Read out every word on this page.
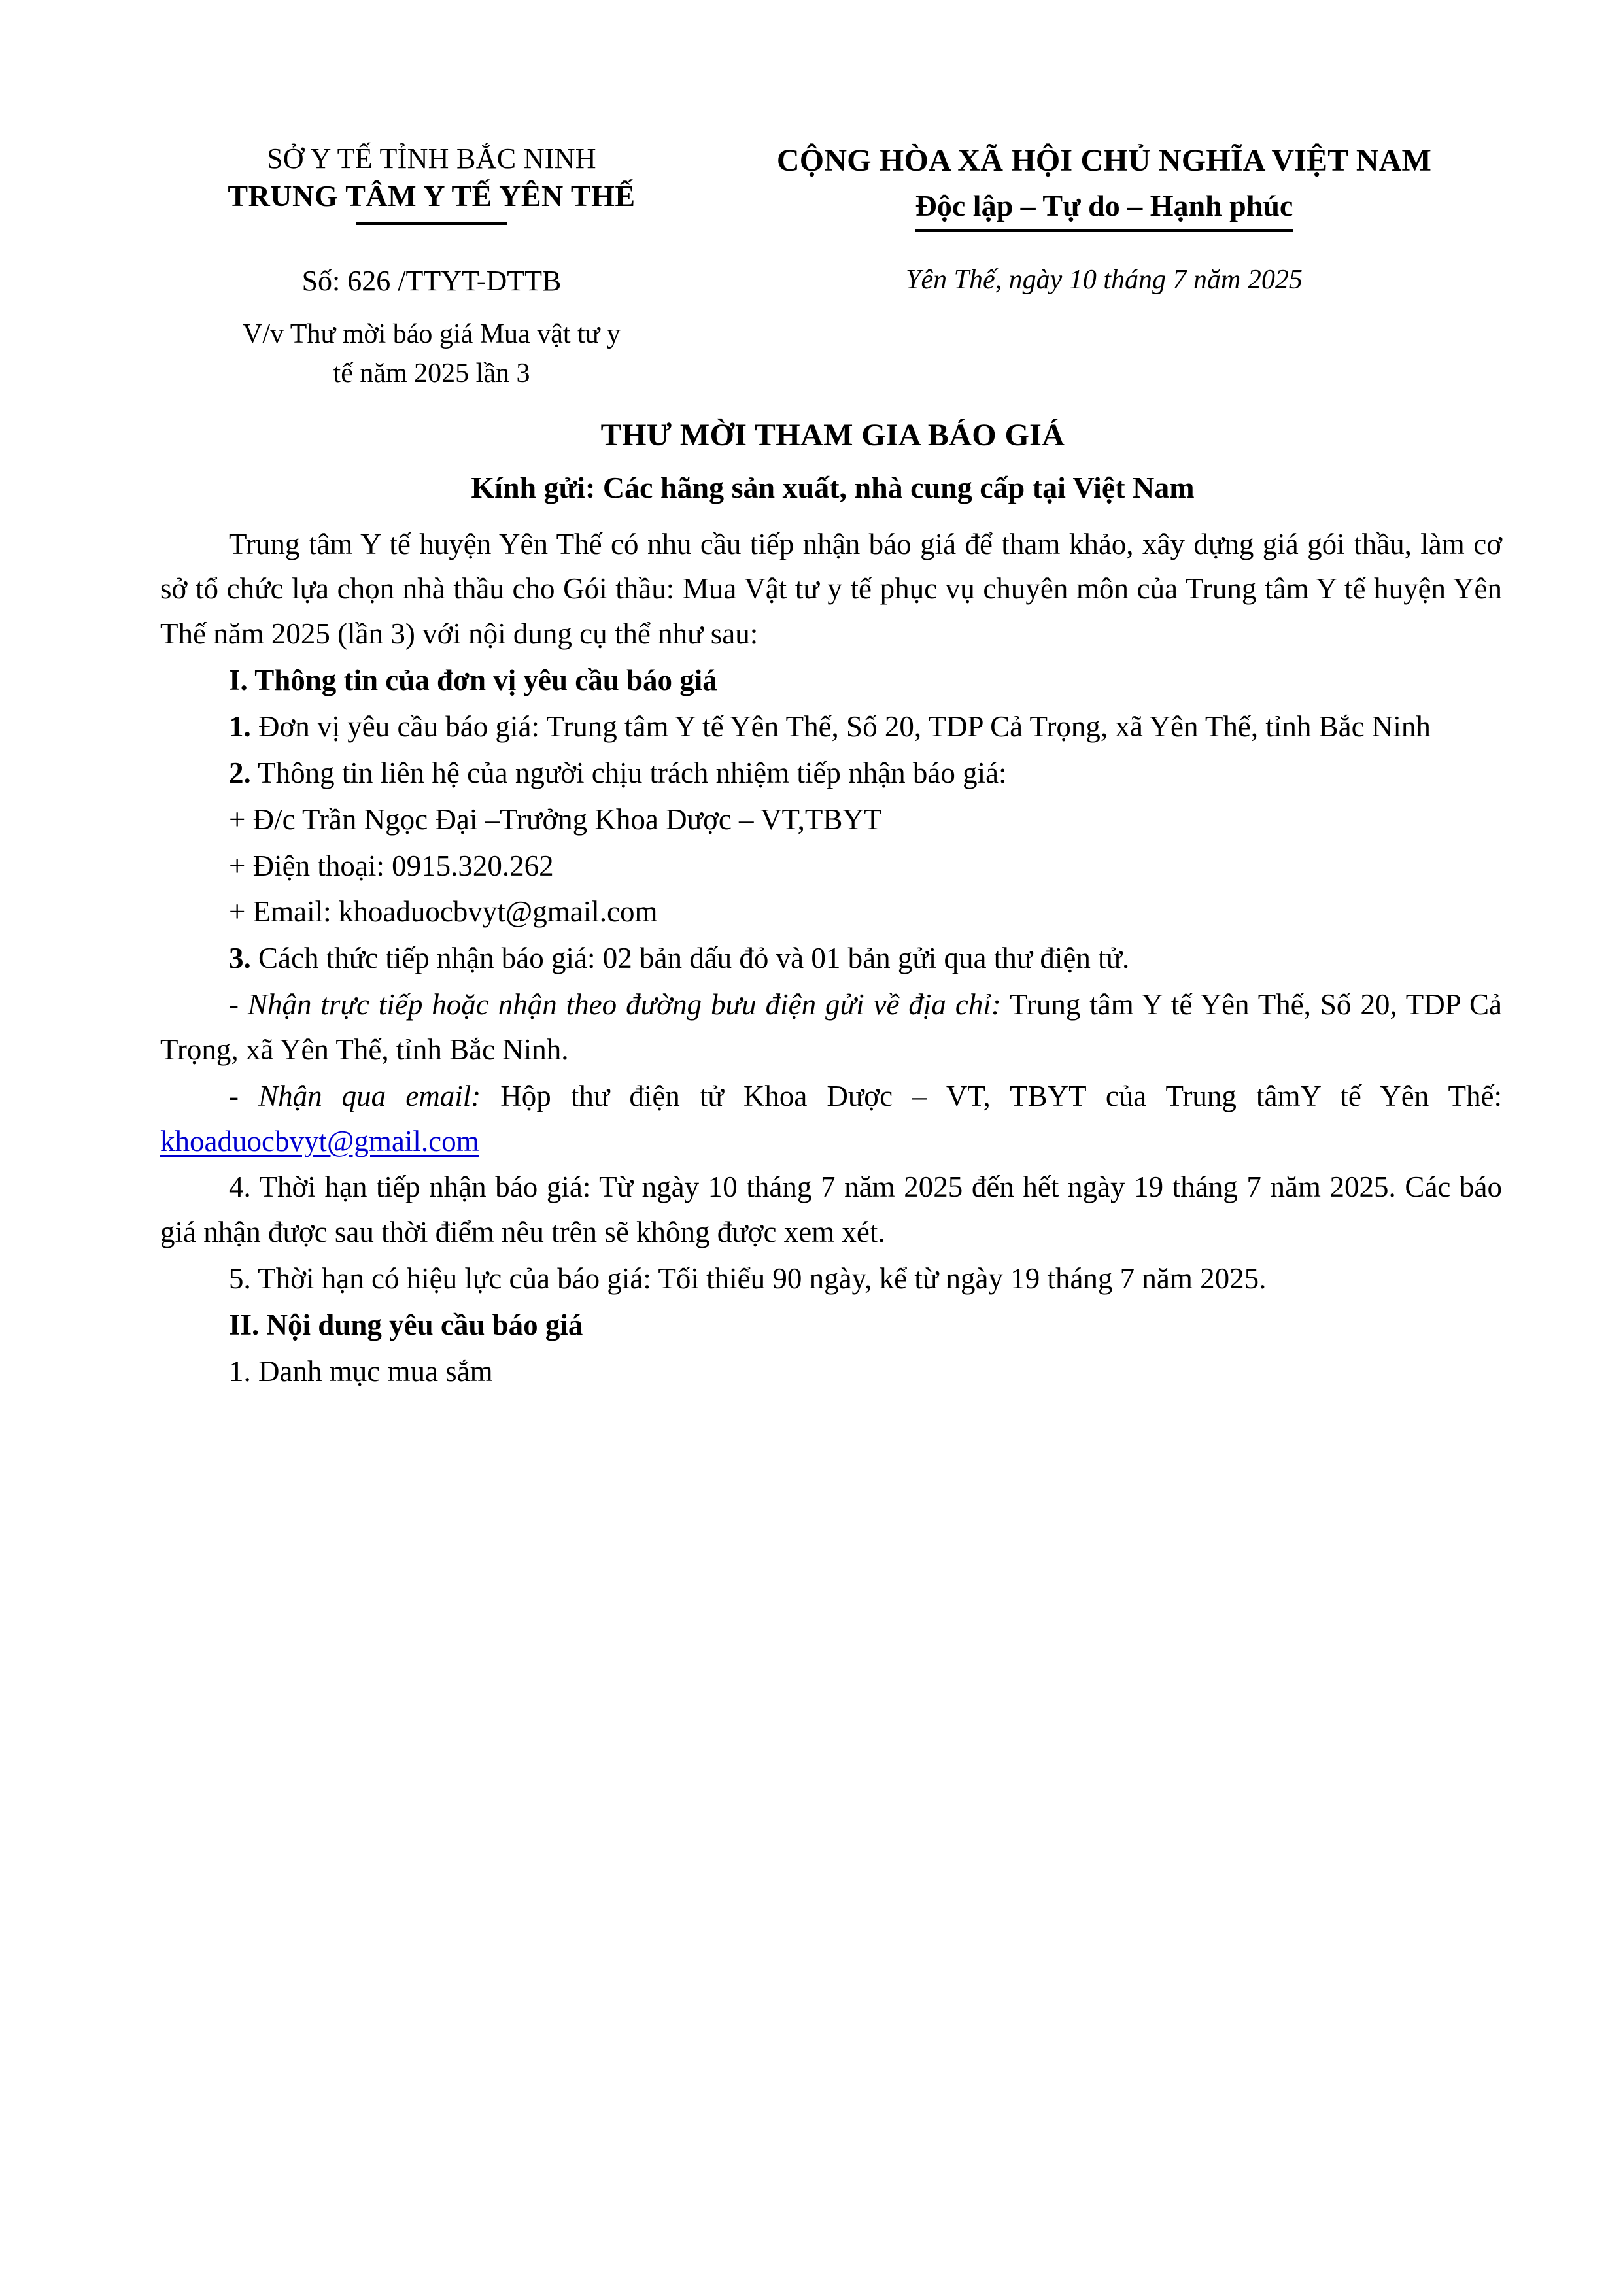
SỞ Y TẾ TỈNH BẮC NINH
TRUNG TÂM Y TẾ YÊN THẾ
CỘNG HÒA XÃ HỘI CHỦ NGHĨA VIỆT NAM
Độc lập – Tự do – Hạnh phúc
Số: 626 /TTYT-DTTB	Yên Thế, ngày 10 tháng 7 năm 2025
V/v Thư mời báo giá Mua vật tư y
tế năm 2025 lần 3
THƯ MỜI THAM GIA BÁO GIÁ
Kính gửi: Các hãng sản xuất, nhà cung cấp tại Việt Nam

Trung tâm Y tế huyện Yên Thế có nhu cầu tiếp nhận báo giá để tham khảo, xây dựng giá gói thầu, làm cơ sở tổ chức lựa chọn nhà thầu cho Gói thầu: Mua Vật tư y tế phục vụ chuyên môn của Trung tâm Y tế huyện Yên Thế năm 2025 (lần 3) với nội dung cụ thể như sau:

I. Thông tin của đơn vị yêu cầu báo giá

1. Đơn vị yêu cầu báo giá: Trung tâm Y tế Yên Thế, Số 20, TDP Cả Trọng, xã Yên Thế, tỉnh Bắc Ninh

2. Thông tin liên hệ của người chịu trách nhiệm tiếp nhận báo giá:

+ Đ/c Trần Ngọc Đại –Trưởng Khoa Dược – VT,TBYT

+ Điện thoại: 0915.320.262

+ Email: khoaduocbvyt@gmail.com

3. Cách thức tiếp nhận báo giá: 02 bản dấu đỏ và 01 bản gửi qua thư điện tử.

- Nhận trực tiếp hoặc nhận theo đường bưu điện gửi về địa chỉ: Trung tâm Y tế Yên Thế, Số 20, TDP Cả Trọng, xã Yên Thế, tỉnh Bắc Ninh.

- Nhận qua email: Hộp thư điện tử Khoa Dược – VT, TBYT của Trung tâmY tế Yên Thế: khoaduocbvyt@gmail.com

4. Thời hạn tiếp nhận báo giá: Từ ngày 10 tháng 7 năm 2025 đến hết ngày 19 tháng 7 năm 2025. Các báo giá nhận được sau thời điểm nêu trên sẽ không được xem xét.

5. Thời hạn có hiệu lực của báo giá: Tối thiểu 90 ngày, kể từ ngày 19 tháng 7 năm 2025.

II. Nội dung yêu cầu báo giá

1. Danh mục mua sắm
